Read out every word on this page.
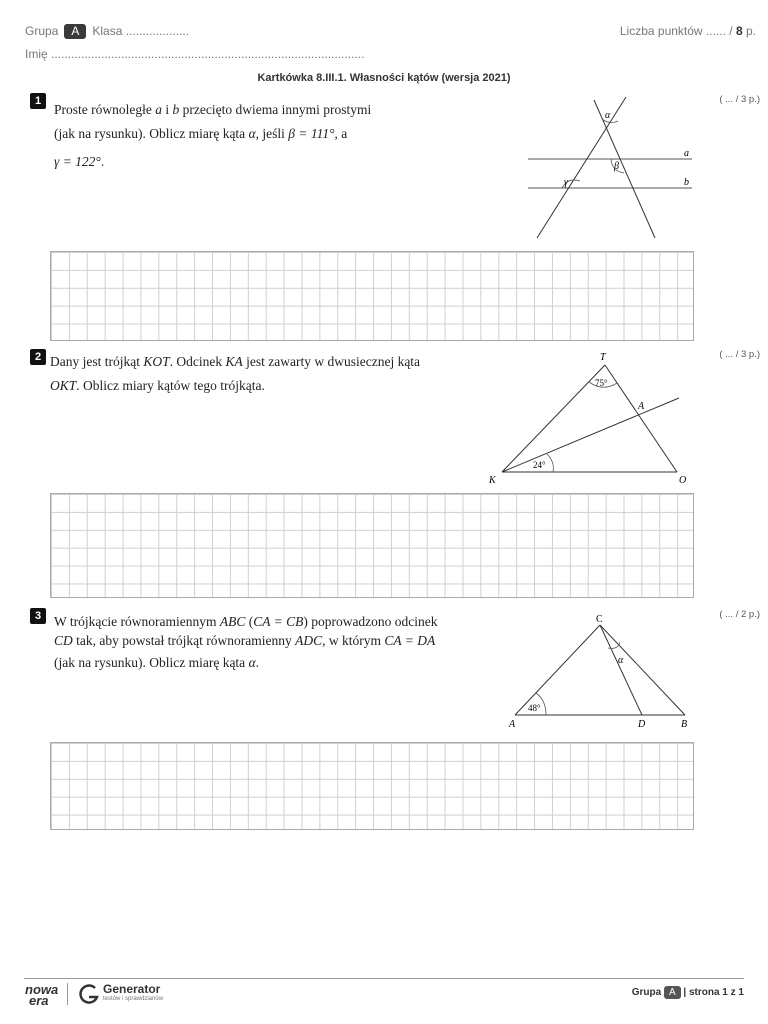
Grupa A Klasa ...................
Imię ..............................................................................................
Liczba punktów ...... / 8 p.
Kartkówka 8.III.1. Własności kątów (wersja 2021)
1	( ... / 3 p.)
Proste równoległe a i b przecięto dwiema innymi prostymi
(jak na rysunku). Oblicz miarę kąta α, jeśli β = 111°, a
γ = 122°.
α
β
γ
a
b
2	( ... / 3 p.)
Dany jest trójkąt KOT. Odcinek KA jest zawarty w dwusiecznej kąta
OKT. Oblicz miary kątów tego trójkąta.
T
75°
A
24°
K	O
3	( ... / 2 p.)
W trójkącie równoramiennym ABC (CA = CB) poprowadzono odcinek
CD tak, aby powstał trójkąt równoramienny ADC, w którym CA = DA
(jak na rysunku). Oblicz miarę kąta α.
C
α
48°
A	D	B
nowa
era
Generator
testów i sprawdzianów
Grupa A | strona 1 z 1
